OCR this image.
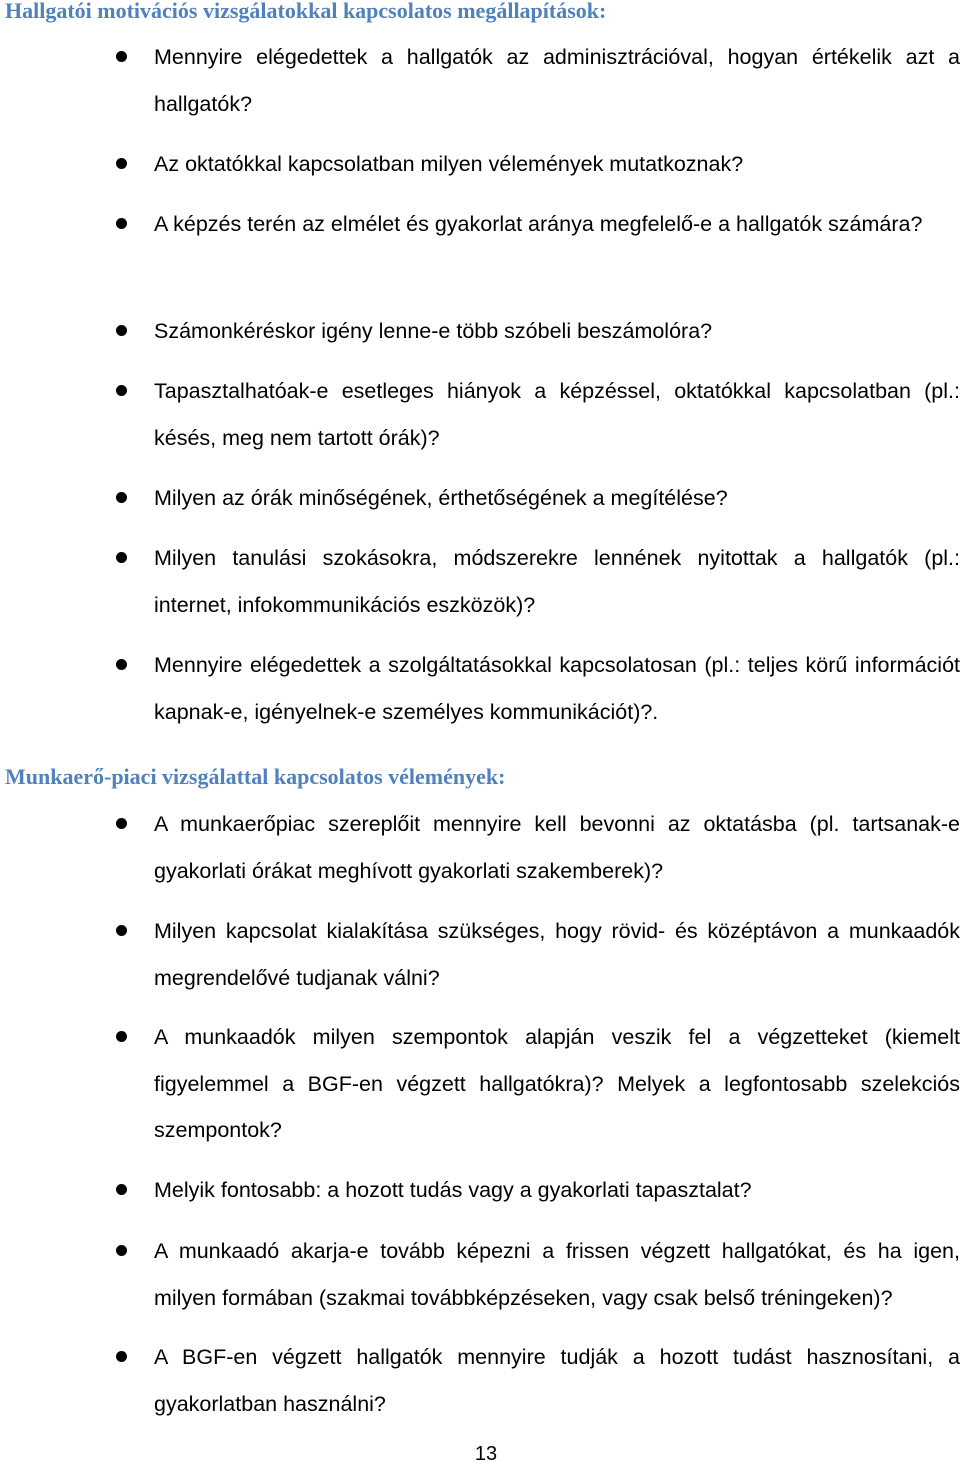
Hallgatói motivációs vizsgálatokkal kapcsolatos megállapítások:
Mennyire elégedettek a hallgatók az adminisztrációval, hogyan értékelik azt a hallgatók?
Az oktatókkal kapcsolatban milyen vélemények mutatkoznak?
A képzés terén az elmélet és gyakorlat aránya megfelelő-e a hallgatók számára?
Számonkéréskor igény lenne-e több szóbeli beszámolóra?
Tapasztalhatóak-e esetleges hiányok a képzéssel, oktatókkal kapcsolatban (pl.: késés, meg nem tartott órák)?
Milyen az órák minőségének, érthetőségének a megítélése?
Milyen tanulási szokásokra, módszerekre lennének nyitottak a hallgatók (pl.: internet, infokommunikációs eszközök)?
Mennyire elégedettek a szolgáltatásokkal kapcsolatosan (pl.: teljes körű információt kapnak-e, igényelnek-e személyes kommunikációt)?.
Munkaerő-piaci vizsgálattal kapcsolatos vélemények:
A munkaerőpiac szereplőit mennyire kell bevonni az oktatásba (pl. tartsanak-e gyakorlati órákat meghívott gyakorlati szakemberek)?
Milyen kapcsolat kialakítása szükséges, hogy rövid- és középtávon a munkaadók megrendelővé tudjanak válni?
A munkaadók milyen szempontok alapján veszik fel a végzetteket (kiemelt figyelemmel a BGF-en végzett hallgatókra)? Melyek a legfontosabb szelekciós szempontok?
Melyik fontosabb: a hozott tudás vagy a gyakorlati tapasztalat?
A munkaadó akarja-e tovább képezni a frissen végzett hallgatókat, és ha igen, milyen formában (szakmai továbbképzéseken, vagy csak belső tréningeken)?
A BGF-en végzett hallgatók mennyire tudják a hozott tudást hasznosítani, a gyakorlatban használni?
13
